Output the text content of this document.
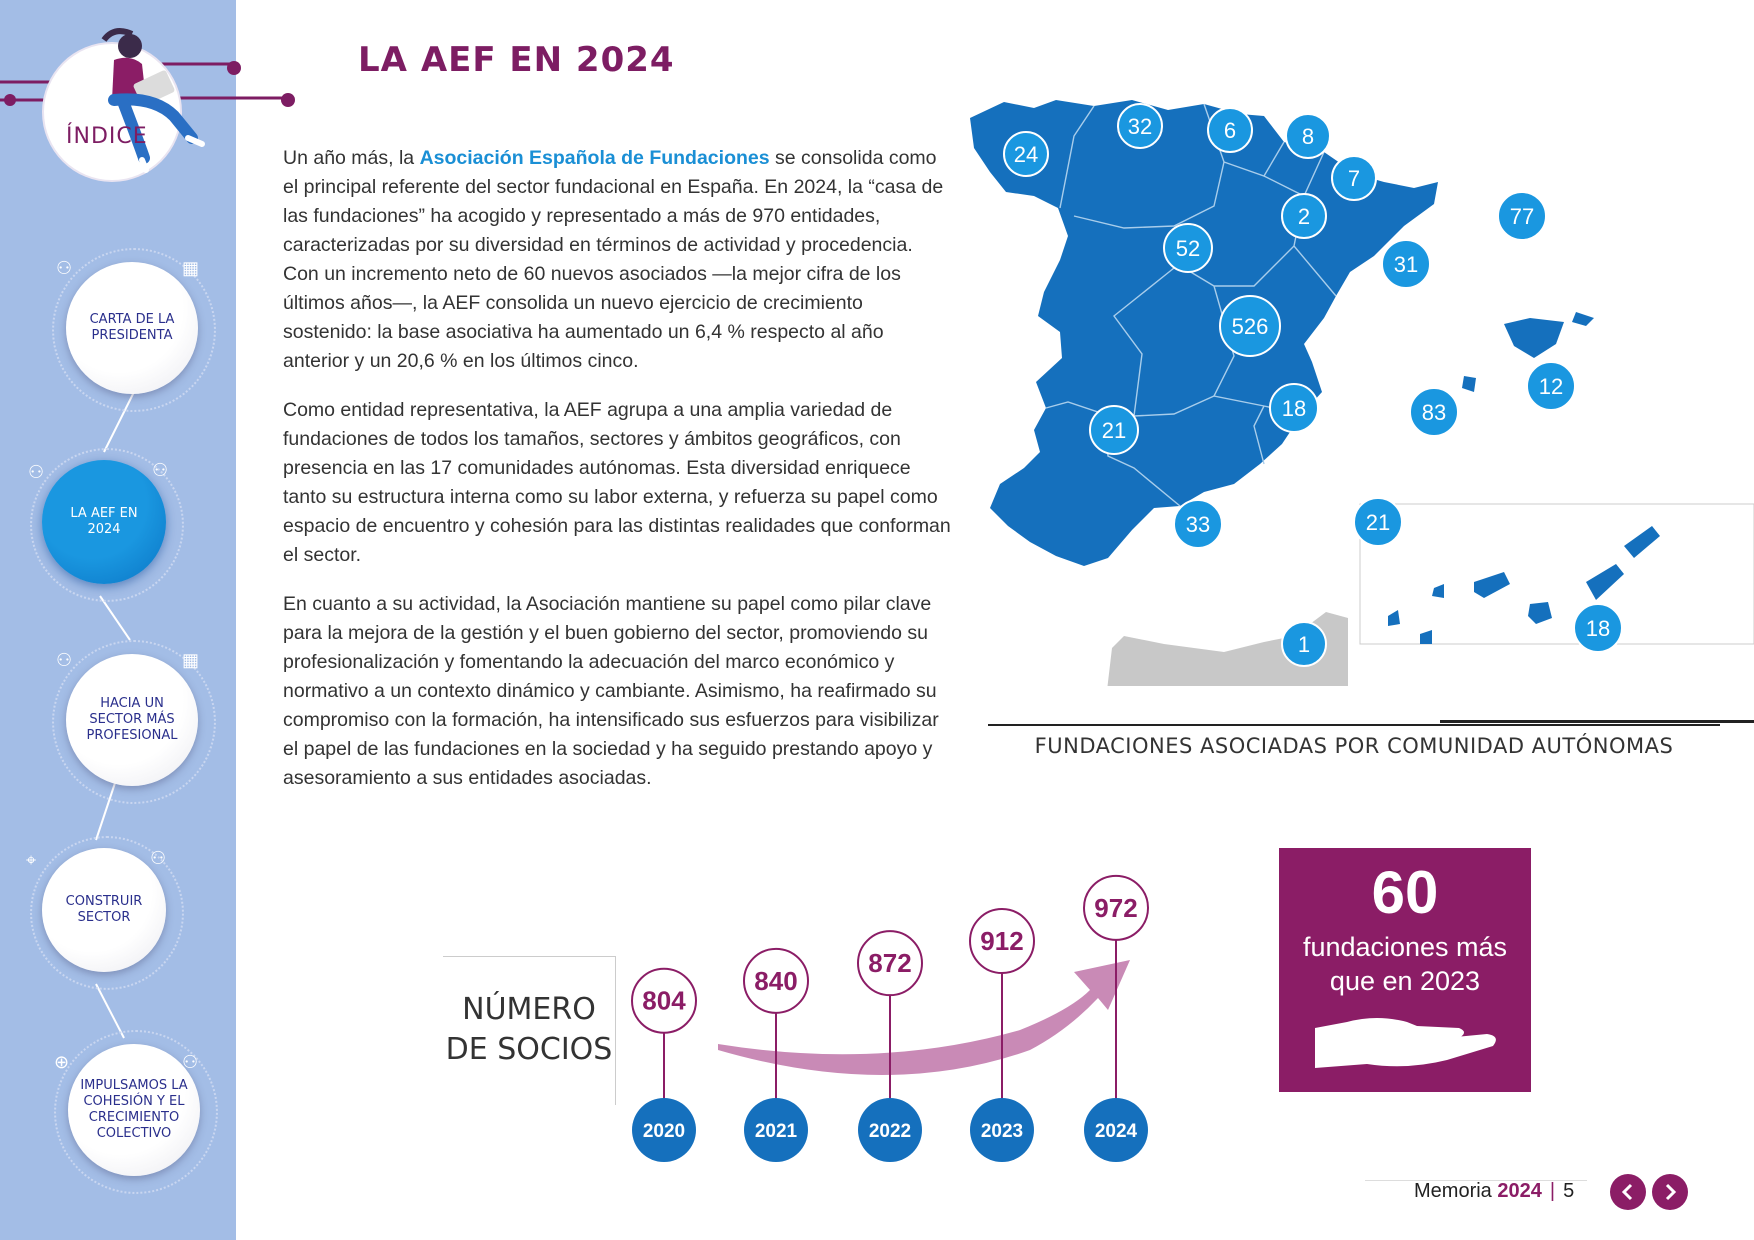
ÍNDICE
CARTA DE LA PRESIDENTA
⚇	▦
LA AEF EN 2024
⚇	⚇
HACIA UN SECTOR MÁS PROFESIONAL
⚇	▦
CONSTRUIR SECTOR
⌖	⚇
IMPULSAMOS LA COHESIÓN Y EL CRECIMIENTO COLECTIVO
⊕	⚇
LA AEF EN 2024
Un año más, la Asociación Española de Fundaciones se consolida como el principal referente del sector fundacional en España. En 2024, la “casa de las fundaciones” ha acogido y representado a más de 970 entidades, caracterizadas por su diversidad en términos de actividad y procedencia. Con un incremento neto de 60 nuevos asociados —la mejor cifra de los últimos años—, la AEF consolida un nuevo ejercicio de crecimiento sostenido: la base asociativa ha aumentado un 6,4 % respecto al año anterior y un 20,6 % en los últimos cinco.
Como entidad representativa, la AEF agrupa a una amplia variedad de fundaciones de todos los tamaños, sectores y ámbitos geográficos, con presencia en las 17 comunidades autónomas. Esta diversidad enriquece tanto su estructura interna como su labor externa, y refuerza su papel como espacio de encuentro y cohesión para las distintas realidades que conforman el sector.
En cuanto a su actividad, la Asociación mantiene su papel como pilar clave para la mejora de la gestión y el buen gobierno del sector, promoviendo su profesionalización y fomentando la adecuación del marco económico y normativo a un contexto dinámico y cambiante. Asimismo, ha reafirmado su compromiso con la formación, ha intensificado sus esfuerzos para visibilizar el papel de las fundaciones en la sociedad y ha seguido prestando apoyo y asesoramiento a sus entidades asociadas.
24
32	6	8
7
2
52
77
31
526
12
18	83
21
33	21
1
18
FUNDACIONES ASOCIADAS POR COMUNIDAD AUTÓNOMAS
NÚMERO DE SOCIOS
804
2020
840
2021
872
2022
912
2023
972
2024
60
fundaciones más
que en 2023
Memoria 2024 | 5
